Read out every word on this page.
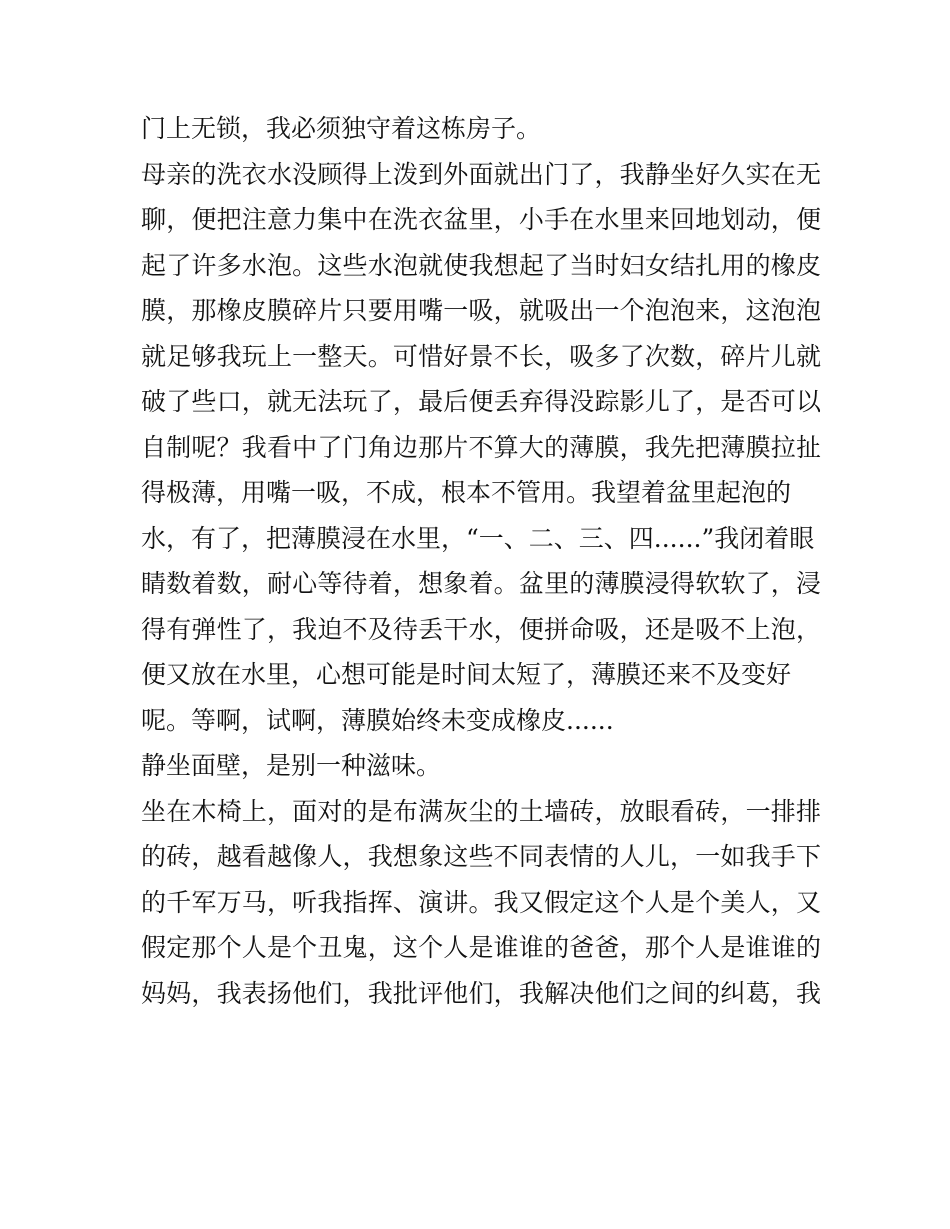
门上无锁，我必须独守着这栋房子。
母亲的洗衣水没顾得上泼到外面就出门了，我静坐好久实在无
聊，便把注意力集中在洗衣盆里，小手在水里来回地划动，便
起了许多水泡。这些水泡就使我想起了当时妇女结扎用的橡皮
膜，那橡皮膜碎片只要用嘴一吸，就吸出一个泡泡来，这泡泡
就足够我玩上一整天。可惜好景不长，吸多了次数，碎片儿就
破了些口，就无法玩了，最后便丢弃得没踪影儿了，是否可以
自制呢？我看中了门角边那片不算大的薄膜，我先把薄膜拉扯
得极薄，用嘴一吸，不成，根本不管用。我望着盆里起泡的
水，有了，把薄膜浸在水里，“一、二、三、四......”我闭着眼
睛数着数，耐心等待着，想象着。盆里的薄膜浸得软软了，浸
得有弹性了，我迫不及待丢干水，便拼命吸，还是吸不上泡，
便又放在水里，心想可能是时间太短了，薄膜还来不及变好
呢。等啊，试啊，薄膜始终未变成橡皮......
静坐面壁，是别一种滋味。
坐在木椅上，面对的是布满灰尘的土墙砖，放眼看砖，一排排
的砖，越看越像人，我想象这些不同表情的人儿，一如我手下
的千军万马，听我指挥、演讲。我又假定这个人是个美人，又
假定那个人是个丑鬼，这个人是谁谁的爸爸，那个人是谁谁的
妈妈，我表扬他们，我批评他们，我解决他们之间的纠葛，我
